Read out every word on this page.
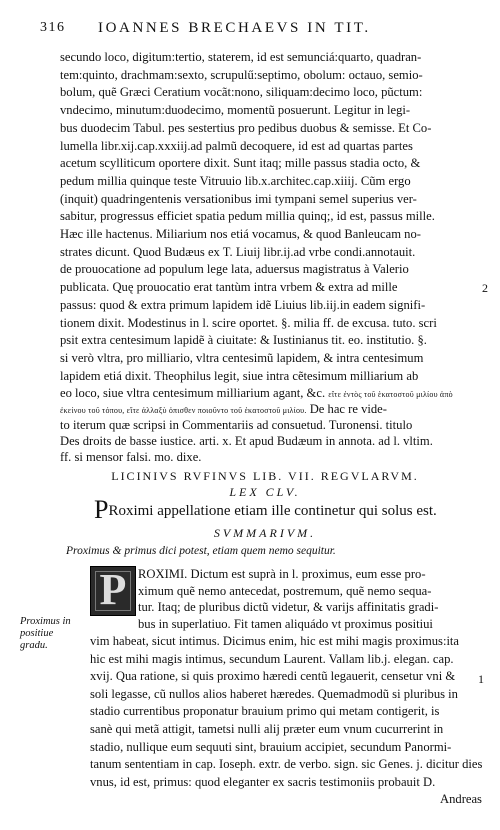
316 IOANNES BRECHAEVS IN TIT.
secundo loco, digitum:tertio, staterem, id est semunciá:quarto, quadran-
tem:quinto, drachmam:sexto, scrupulű:septimo, obolum: octauo, semio-
bolum, quẽ Græci Ceratium vocãt:nono, siliquam:decimo loco, pũctum:
vndecimo, minutum:duodecimo, momentũ posuerunt. Legitur in legi-
bus duodecim Tabul. pes sestertius pro pedibus duobus & semisse. Et Co-
lumella libr.xij.cap.xxxiij.ad palmũ decoquere, id est ad quartas partes
acetum scylliticum oportere dixit. Sunt itaq; mille passus stadia octo, &
pedum millia quinque teste Vitruuio lib.x.architec.cap.xiiij. Cũm ergo
(inquit) quadringentenis versationibus imi tympani semel superius ver-
sabitur, progressus efficiet spatia pedum millia quinq;, id est, passus mille.
Hæc ille hactenus. Miliarium nos etiá vocamus, & quod Banleucam no-
strates dicunt. Quod Budæus ex T. Liuij libr.ij.ad vrbe condi.annotauit.
de prouocatione ad populum lege lata, aduersus magistratus à Valerio
publicata. Quę prouocatio erat tantùm intra vrbem & extra ad mille
passus: quod & extra primum lapidem idẽ Liuius lib.iij.in eadem signifi-
tionem dixit. Modestinus in l. scire oportet. §. milia ff. de excusa. tuto. scri
psit extra centesimum lapidẽ à ciuitate: & Iustinianus tit. eo. institutio. §.
si verò vltra, pro milliario, vltra centesimũ lapidem, & intra centesimum
lapidem etiá dixit. Theophilus legit, siue intra cẽtesimum milliarium ab
eo loco, siue vltra centesimum milliarium agant, &c. εἴτε ἐντὸς τοῦ ἑκατοστοῦ μιλίου ἀπὸ
ἐκείνου τοῦ τόπου, εἴτε ἀλλαξὺ ὀπισθεν ποιοῦντο τοῦ ἑκατοστοῦ μιλίου. De hac re vide-
to iterum quæ scripsi in Commentariis ad consuetud. Turonensi. titulo
Des droits de basse iustice. arti. x. Et apud Budæum in annota. ad l. vltim.
ff. si mensor falsi. mo. dixe.
2
1
LICINIVS RVFINVS LIB. VII. REGVLARVM.
LEX CLV.
PRoximi appellatione etiam ille continetur qui solus est.
SVMMARIVM.
Proximus & primus dici potest, etiam quem nemo sequitur.
P
Proximus in positiue gradu.
ROXIMI. Dictum est suprà in l. proximus, eum esse pro-
ximum quẽ nemo antecedat, postremum, quẽ nemo sequa-
tur. Itaq; de pluribus dictũ videtur, & varijs affinitatis gradi-
bus in superlatiuo. Fit tamen aliquádo vt proximus positiui
vim habeat, sicut intimus. Dicimus enim, hic est mihi magis proximus:ita
hic est mihi magis intimus, secundum Laurent. Vallam lib.j. elegan. cap.
xvij. Qua ratione, si quis proximo hæredi centũ legauerit, censetur vni &
soli legasse, cũ nullos alios haberet hæredes. Quemadmodũ si pluribus in
stadio currentibus proponatur brauium primo qui metam contigerit, is
sanè qui metã attigit, tametsi nulli alij præter eum vnum cucurrerint in
stadio, nullique eum sequuti sint, brauium accipiet, secundum Panormi-
tanum sententiam in cap. Ioseph. extr. de verbo. sign. sic Genes. j. dicitur dies
vnus, id est, primus: quod eleganter ex sacris testimoniis probauit D.
Andreas
